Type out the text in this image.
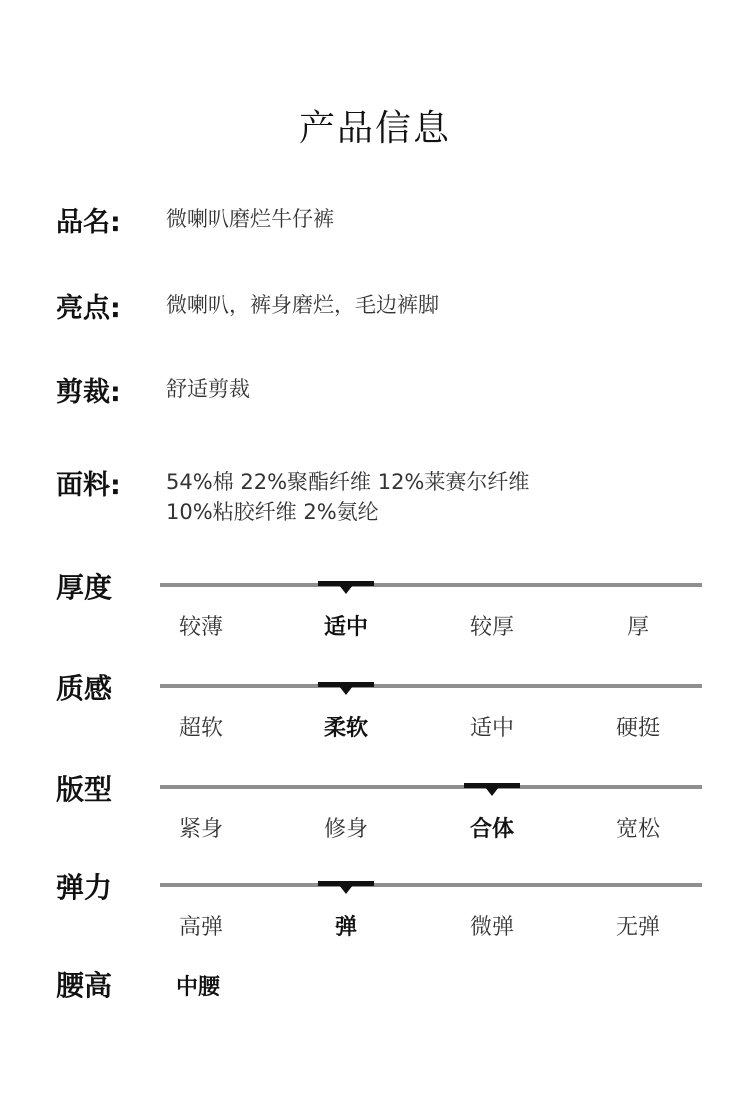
产品信息
品名: 微喇叭磨烂牛仔裤
亮点: 微喇叭，裤身磨烂，毛边裤脚
剪裁: 舒适剪裁
面料: 54%棉 22%聚酯纤维 12%莱赛尔纤维
10%粘胶纤维 2%氨纶
厚度
较薄	适中	较厚	厚
质感
超软	柔软	适中	硬挺
版型
紧身	修身	合体	宽松
弹力
高弹	弹	微弹	无弹
腰高	中腰
